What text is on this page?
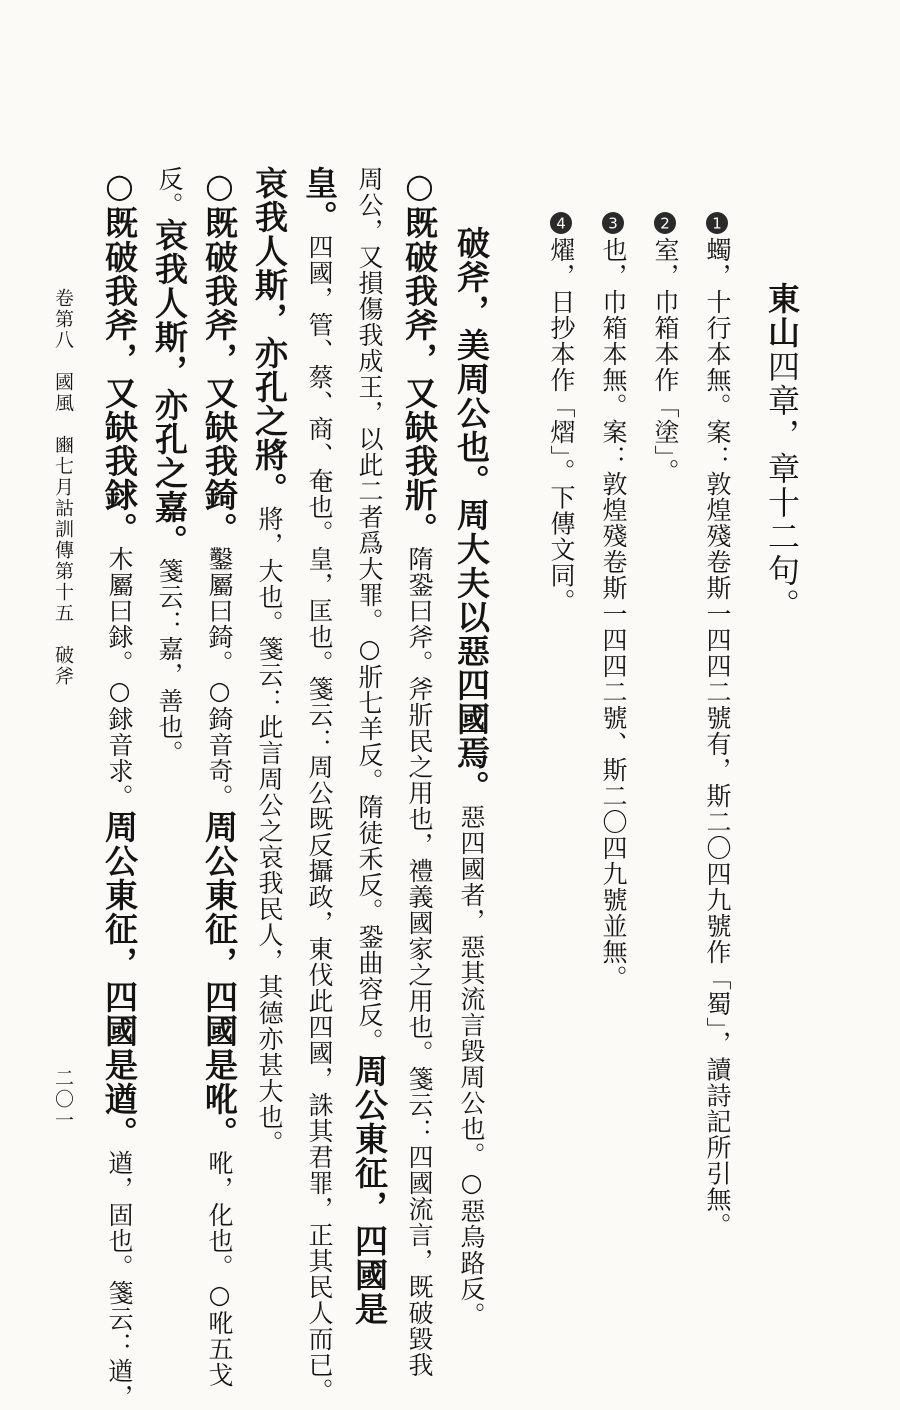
東山四章，章十二句。
1蠋，十行本無。案：敦煌殘卷斯一四四二號有，斯二〇四九號作「蜀」，讀詩記所引無。
2室，巾箱本作「塗」。
3也，巾箱本無。案：敦煌殘卷斯一四四二號、斯二〇四九號並無。
4燿，日抄本作「熠」。下傳文同。
破斧，美周公也。周大夫以惡四國焉。惡四國者，惡其流言毀周公也。○惡烏路反。
○既破我斧，又缺我斨。隋銎曰斧。斧斨民之用也，禮義國家之用也。箋云：四國流言，既破毀我
周公，又損傷我成王，以此二者爲大罪。○斨七羊反。隋徒禾反。銎曲容反。周公東征，四國是
皇。四國，管、蔡、商、奄也。皇，匡也。箋云：周公既反攝政，東伐此四國，誅其君罪，正其民人而已。
哀我人斯，亦孔之將。將，大也。箋云：此言周公之哀我民人，其德亦甚大也。
○既破我斧，又缺我錡。鑿屬曰錡。○錡音奇。周公東征，四國是吪。吪，化也。○吪五戈
反。哀我人斯，亦孔之嘉。箋云：嘉，善也。
○既破我斧，又缺我銶。木屬曰銶。○銶音求。周公東征，四國是遒。遒，固也。箋云：遒，
卷第八　國風　豳七月詁訓傳第十五　破斧
二〇一
